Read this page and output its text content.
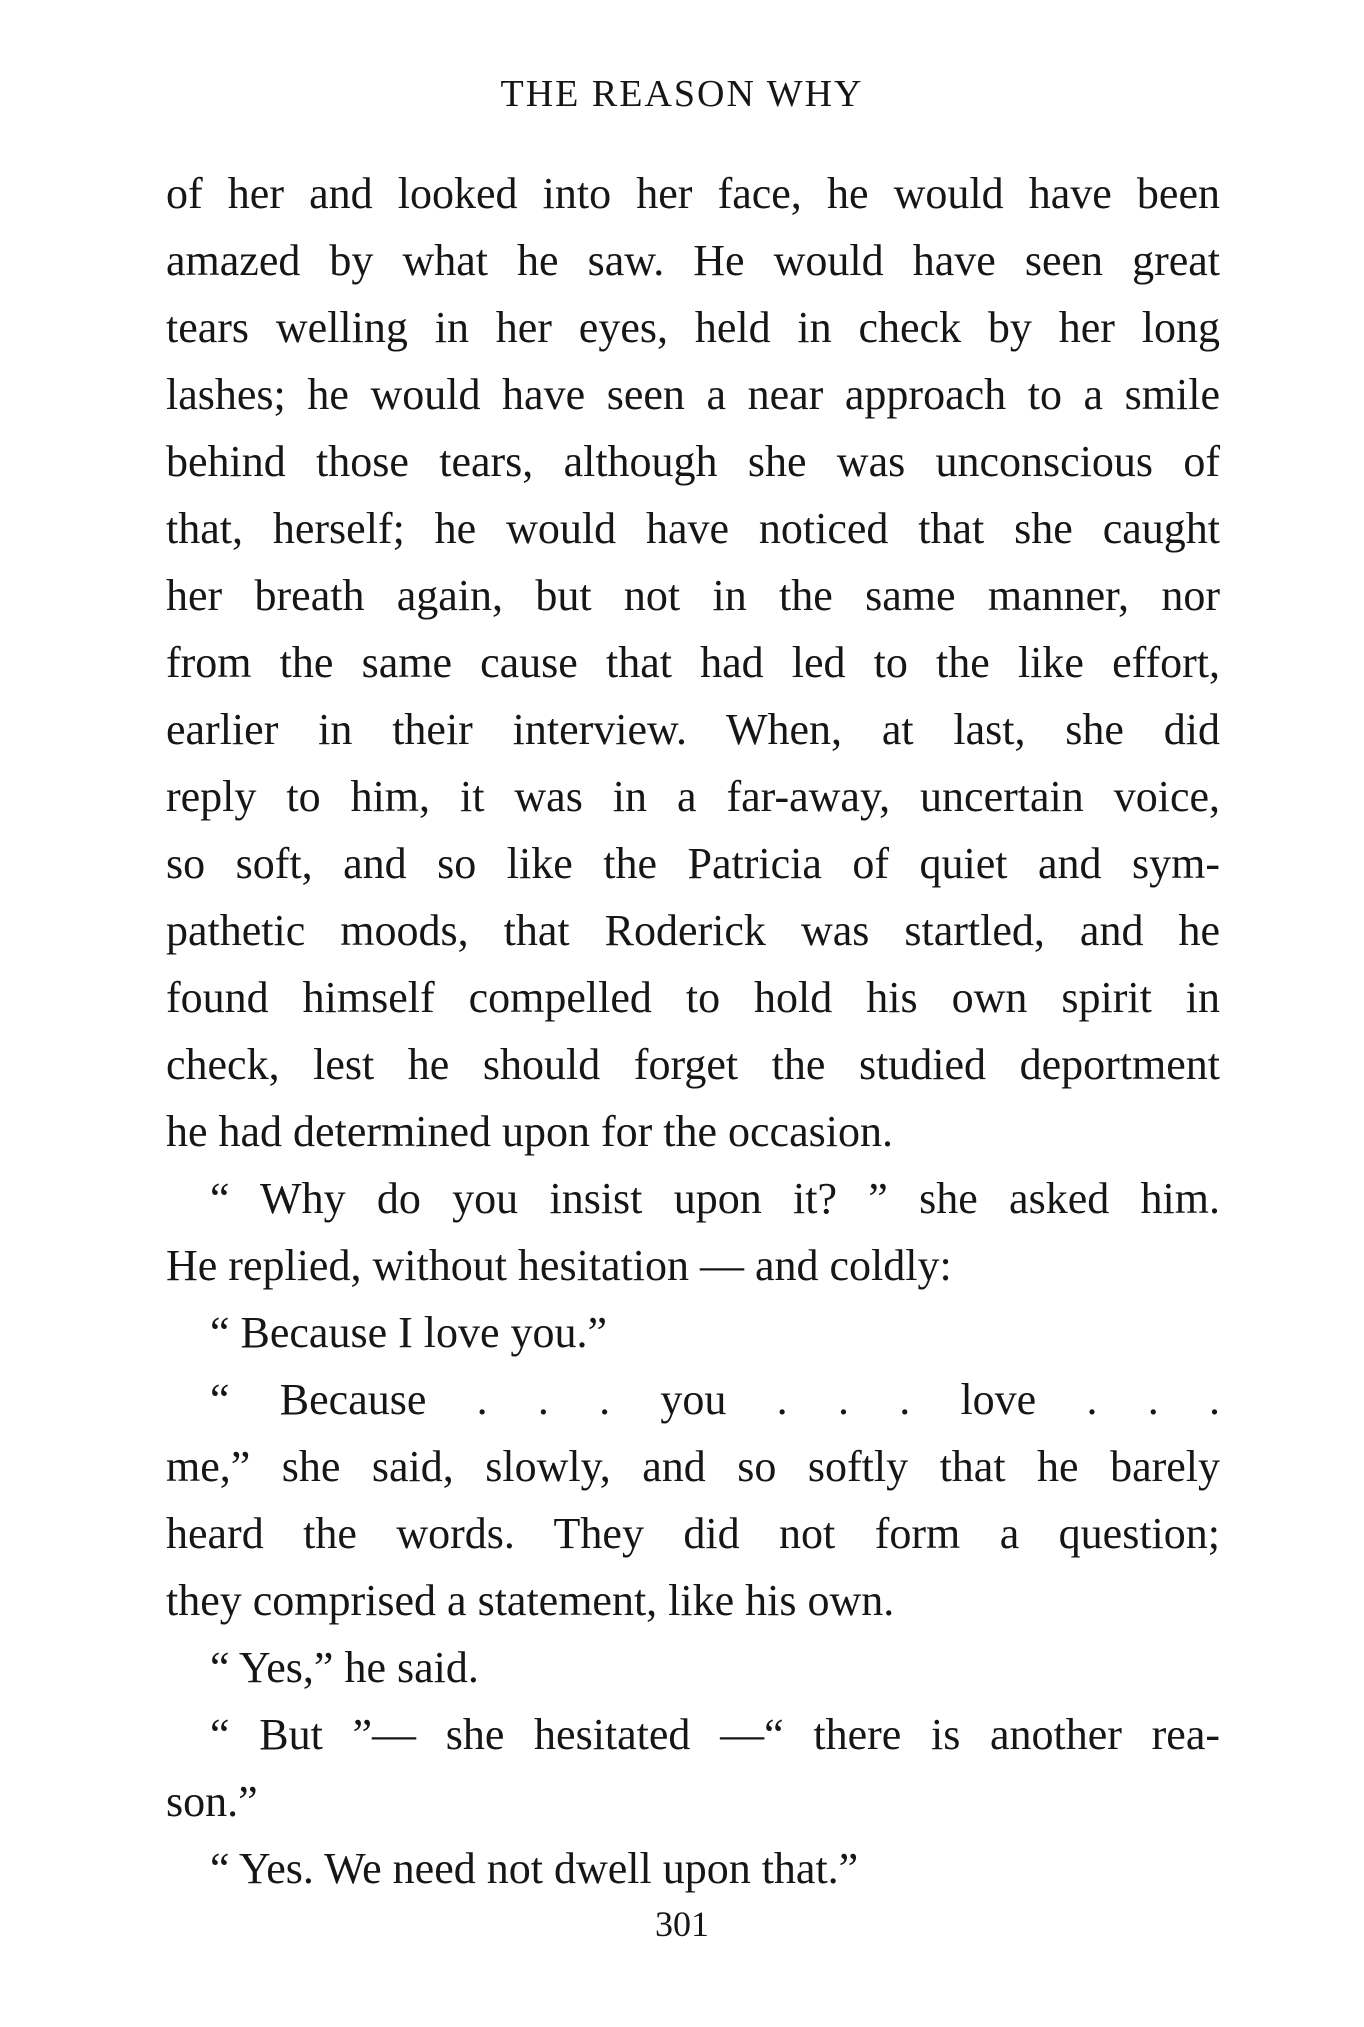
THE REASON WHY
of her and looked into her face, he would have been
amazed by what he saw. He would have seen great
tears welling in her eyes, held in check by her long
lashes; he would have seen a near approach to a smile
behind those tears, although she was unconscious of
that, herself; he would have noticed that she caught
her breath again, but not in the same manner, nor
from the same cause that had led to the like effort,
earlier in their interview. When, at last, she did
reply to him, it was in a far-away, uncertain voice,
so soft, and so like the Patricia of quiet and sym-
pathetic moods, that Roderick was startled, and he
found himself compelled to hold his own spirit in
check, lest he should forget the studied deportment
he had determined upon for the occasion.
“ Why do you insist upon it? ” she asked him.
He replied, without hesitation — and coldly:
“ Because I love you.”
“ Because . . . you . . . love . . .
me,” she said, slowly, and so softly that he barely
heard the words. They did not form a question;
they comprised a statement, like his own.
“ Yes,” he said.
“ But ”— she hesitated —“ there is another rea-
son.”
“ Yes. We need not dwell upon that.”
301
